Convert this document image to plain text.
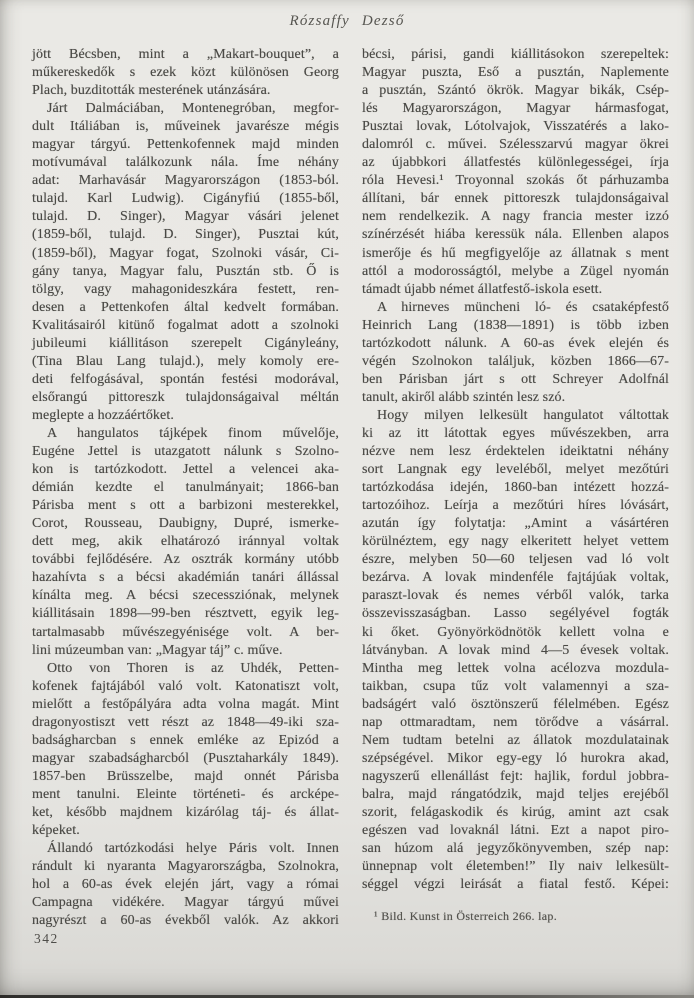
Rózsaffy Dezső
jött Bécsben, mint a „Makart-bouquet”, a
műkereskedők s ezek közt különösen Georg
Plach, buzditották mesterének utánzására.
Járt Dalmáciában, Montenegróban, megfor-
dult Itáliában is, műveinek javarésze mégis
magyar tárgyú. Pettenkofennek majd minden
motívumával találkozunk nála. Íme néhány
adat: Marhavásár Magyarországon (1853-ból.
tulajd. Karl Ludwig). Cigányfiú (1855-ből,
tulajd. D. Singer), Magyar vásári jelenet
(1859-ből, tulajd. D. Singer), Pusztai kút,
(1859-ből), Magyar fogat, Szolnoki vásár, Ci-
gány tanya, Magyar falu, Pusztán stb. Ő is
tölgy, vagy mahagonideszkára festett, ren-
desen a Pettenkofen által kedvelt formában.
Kvalitásairól kitünő fogalmat adott a szolnoki
jubileumi kiállitáson szerepelt Cigányleány,
(Tina Blau Lang tulajd.), mely komoly ere-
deti felfogásával, spontán festési modorával,
elsőrangú pittoreszk tulajdonságaival méltán
meglepte a hozzáértőket.
A hangulatos tájképek finom művelője,
Eugéne Jettel is utazgatott nálunk s Szolno-
kon is tartózkodott. Jettel a velencei aka-
démián kezdte el tanulmányait; 1866-ban
Párisba ment s ott a barbizoni mesterekkel,
Corot, Rousseau, Daubigny, Dupré, ismerke-
dett meg, akik elhatározó iránnyal voltak
további fejlődésére. Az osztrák kormány utóbb
hazahívta s a bécsi akadémián tanári állással
kínálta meg. A bécsi szecessziónak, melynek
kiállitásain 1898—99-ben résztvett, egyik leg-
tartalmasabb művészegyénisége volt. A ber-
lini múzeumban van: „Magyar táj” c. műve.
Otto von Thoren is az Uhdék, Petten-
kofenek fajtájából való volt. Katonatiszt volt,
mielőtt a festőpályára adta volna magát. Mint
dragonyostiszt vett részt az 1848—49-iki sza-
badságharcban s ennek emléke az Epizód a
magyar szabadságharcból (Pusztaharkály 1849).
1857-ben Brüsszelbe, majd onnét Párisba
ment tanulni. Eleinte történeti- és arcképe-
ket, később majdnem kizárólag táj- és állat-
képeket.
Állandó tartózkodási helye Páris volt. Innen
rándult ki nyaranta Magyarországba, Szolnokra,
hol a 60-as évek elején járt, vagy a római
Campagna vidékére. Magyar tárgyú művei
nagyrészt a 60-as évekből valók. Az akkori
bécsi, párisi, gandi kiállitásokon szerepeltek:
Magyar puszta, Eső a pusztán, Naplemente
a pusztán, Szántó ökrök. Magyar bikák, Csép-
lés Magyarországon, Magyar hármasfogat,
Pusztai lovak, Lótolvajok, Visszatérés a lako-
dalomról c. művei. Szélesszarvú magyar ökrei
az újabbkori állatfestés különlegességei, írja
róla Hevesi.¹ Troyonnal szokás őt párhuzamba
állítani, bár ennek pittoreszk tulajdonságaival
nem rendelkezik. A nagy francia mester izzó
színérzését hiába keressük nála. Ellenben alapos
ismerője és hű megfigyelője az állatnak s ment
attól a modorosságtól, melybe a Zügel nyomán
támadt újabb német állatfestő-iskola esett.
A hirneves müncheni ló- és csataképfestő
Heinrich Lang (1838—1891) is több izben
tartózkodott nálunk. A 60-as évek elején és
végén Szolnokon találjuk, közben 1866—67-
ben Párisban járt s ott Schreyer Adolfnál
tanult, akiről alább szintén lesz szó.
Hogy milyen lelkesült hangulatot váltottak
ki az itt látottak egyes művészekben, arra
nézve nem lesz érdektelen ideiktatni néhány
sort Langnak egy leveléből, melyet mezőtúri
tartózkodása idején, 1860-ban intézett hozzá-
tartozóihoz. Leírja a mezőtúri híres lóvásárt,
azután így folytatja: „Amint a vásártéren
körülnéztem, egy nagy elkeritett helyet vettem
észre, melyben 50—60 teljesen vad ló volt
bezárva. A lovak mindenféle fajtájúak voltak,
paraszt-lovak és nemes vérből valók, tarka
összevisszaságban. Lasso segélyével fogták
ki őket. Gyönyörködnötök kellett volna e
látványban. A lovak mind 4—5 évesek voltak.
Mintha meg lettek volna acélozva mozdula-
taikban, csupa tűz volt valamennyi a sza-
badságért való ösztönszerű félelmében. Egész
nap ottmaradtam, nem törődve a vásárral.
Nem tudtam betelni az állatok mozdulatainak
szépségével. Mikor egy-egy ló hurokra akad,
nagyszerű ellenállást fejt: hajlik, fordul jobbra-
balra, majd rángatódzik, majd teljes erejéből
szorit, felágaskodik és kirúg, amint azt csak
egészen vad lovaknál látni. Ezt a napot piro-
san húzom alá jegyzőkönyvemben, szép nap:
ünnepnap volt életemben!” Ily naiv lelkesült-
séggel végzi leirását a fiatal festő. Képei:
¹ Bild. Kunst in Österreich 266. lap.
342
